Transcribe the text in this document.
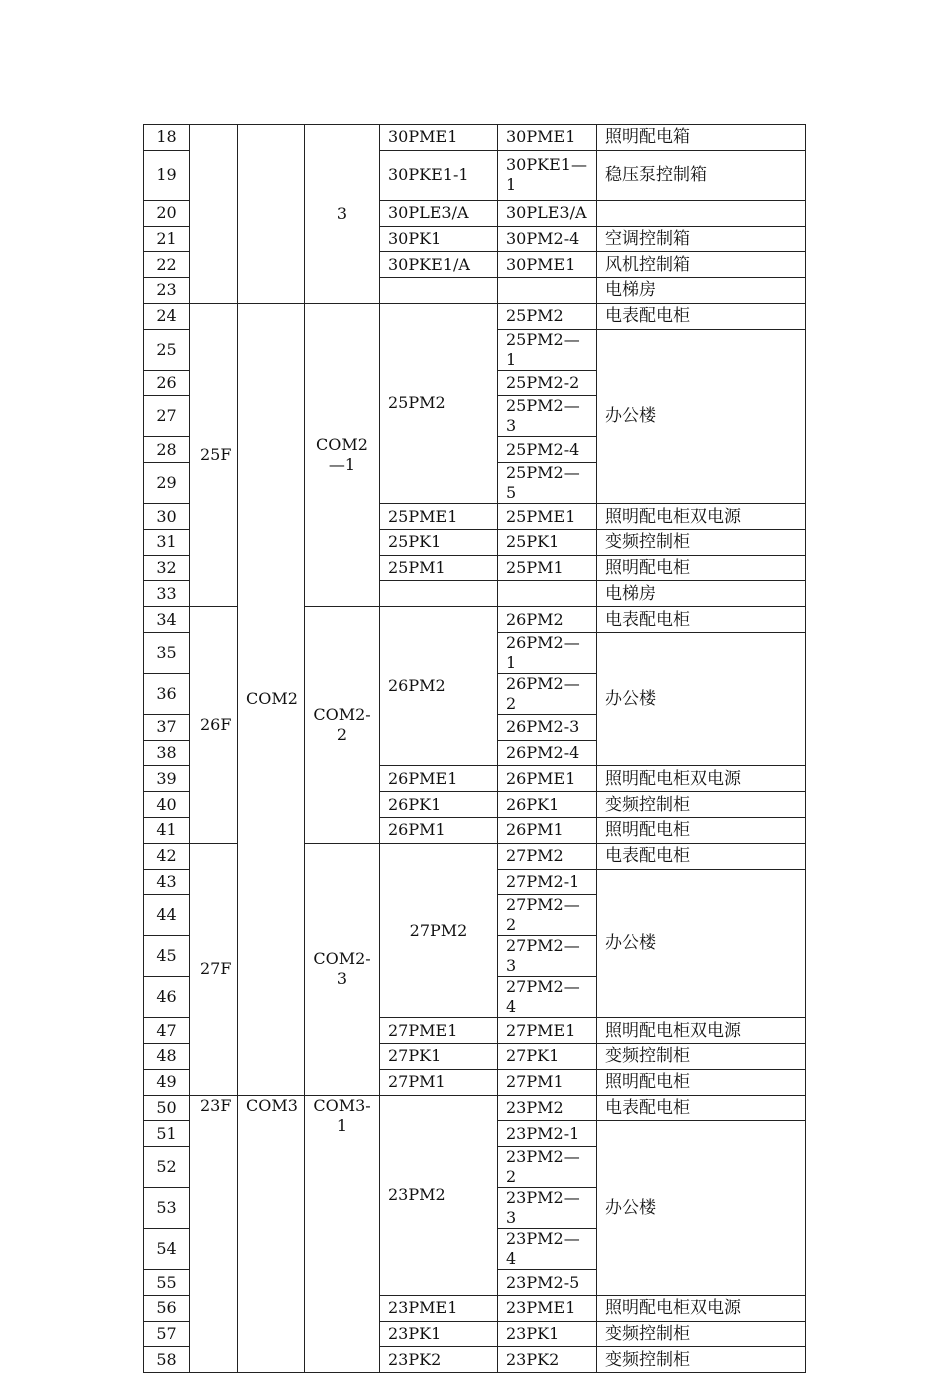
18			3	30PME1	30PME1	照明配电箱
19				30PKE1-1	30PKE1—1	稳压泵控制箱
20				30PLE3/A	30PLE3/A	
21				30PK1	30PM2-4	空调控制箱
22				30PKE1/A	30PME1	风机控制箱
23						电梯房
24	25F	COM2	COM2—1	25PM2	25PM2	电表配电柜
25					25PM2—1	办公楼
26					25PM2-2	
27					25PM2—3	
28					25PM2-4	
29					25PM2—5	
30				25PME1	25PME1	照明配电柜双电源
31				25PK1	25PK1	变频控制柜
32				25PM1	25PM1	照明配电柜
33						电梯房
34	26F		COM2-2	26PM2	26PM2	电表配电柜
35					26PM2—1	办公楼
36					26PM2—2	
37					26PM2-3	
38					26PM2-4	
39				26PME1	26PME1	照明配电柜双电源
40				26PK1	26PK1	变频控制柜
41				26PM1	26PM1	照明配电柜
42	27F		COM2-3	27PM2	27PM2	电表配电柜
43					27PM2-1	办公楼
44					27PM2—2	
45					27PM2—3	
46					27PM2—4	
47				27PME1	27PME1	照明配电柜双电源
48				27PK1	27PK1	变频控制柜
49				27PM1	27PM1	照明配电柜
50	23F	COM3	COM3-1	23PM2	23PM2	电表配电柜
51					23PM2-1	办公楼
52					23PM2—2	
53					23PM2—3	
54					23PM2—4	
55					23PM2-5	
56				23PME1	23PME1	照明配电柜双电源
57				23PK1	23PK1	变频控制柜
58				23PK2	23PK2	变频控制柜
